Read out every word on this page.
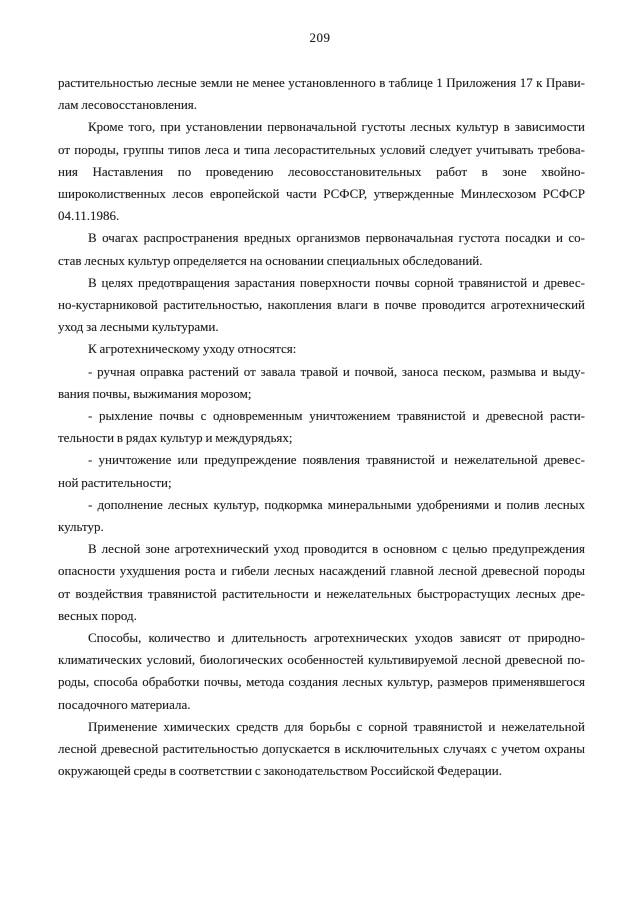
209
растительностью лесные земли не менее установленного в таблице 1 Приложения 17 к Прави-
лам лесовосстановления.
Кроме того, при установлении первоначальной густоты лесных культур в зависимости
от породы, группы типов леса и типа лесорастительных условий следует учитывать требова-
ния Наставления по проведению лесовосстановительных работ в зоне хвойно-
широколиственных лесов европейской части РСФСР, утвержденные Минлесхозом РСФСР
04.11.1986.
В очагах распространения вредных организмов первоначальная густота посадки и со-
став лесных культур определяется на основании специальных обследований.
В целях предотвращения зарастания поверхности почвы сорной травянистой и древес-
но-кустарниковой растительностью, накопления влаги в почве проводится агротехнический
уход за лесными культурами.
К агротехническому уходу относятся:
- ручная оправка растений от завала травой и почвой, заноса песком, размыва и выду-
вания почвы, выжимания морозом;
- рыхление почвы с одновременным уничтожением травянистой и древесной расти-
тельности в рядах культур и междурядьях;
- уничтожение или предупреждение появления травянистой и нежелательной древес-
ной растительности;
- дополнение лесных культур, подкормка минеральными удобрениями и полив лесных
культур.
В лесной зоне агротехнический уход проводится в основном с целью предупреждения
опасности ухудшения роста и гибели лесных насаждений главной лесной древесной породы
от воздействия травянистой растительности и нежелательных быстрорастущих лесных дре-
весных пород.
Способы, количество и длительность агротехнических уходов зависят от природно-
климатических условий, биологических особенностей культивируемой лесной древесной по-
роды, способа обработки почвы, метода создания лесных культур, размеров применявшегося
посадочного материала.
Применение химических средств для борьбы с сорной травянистой и нежелательной
лесной древесной растительностью допускается в исключительных случаях с учетом охраны
окружающей среды в соответствии с законодательством Российской Федерации.
